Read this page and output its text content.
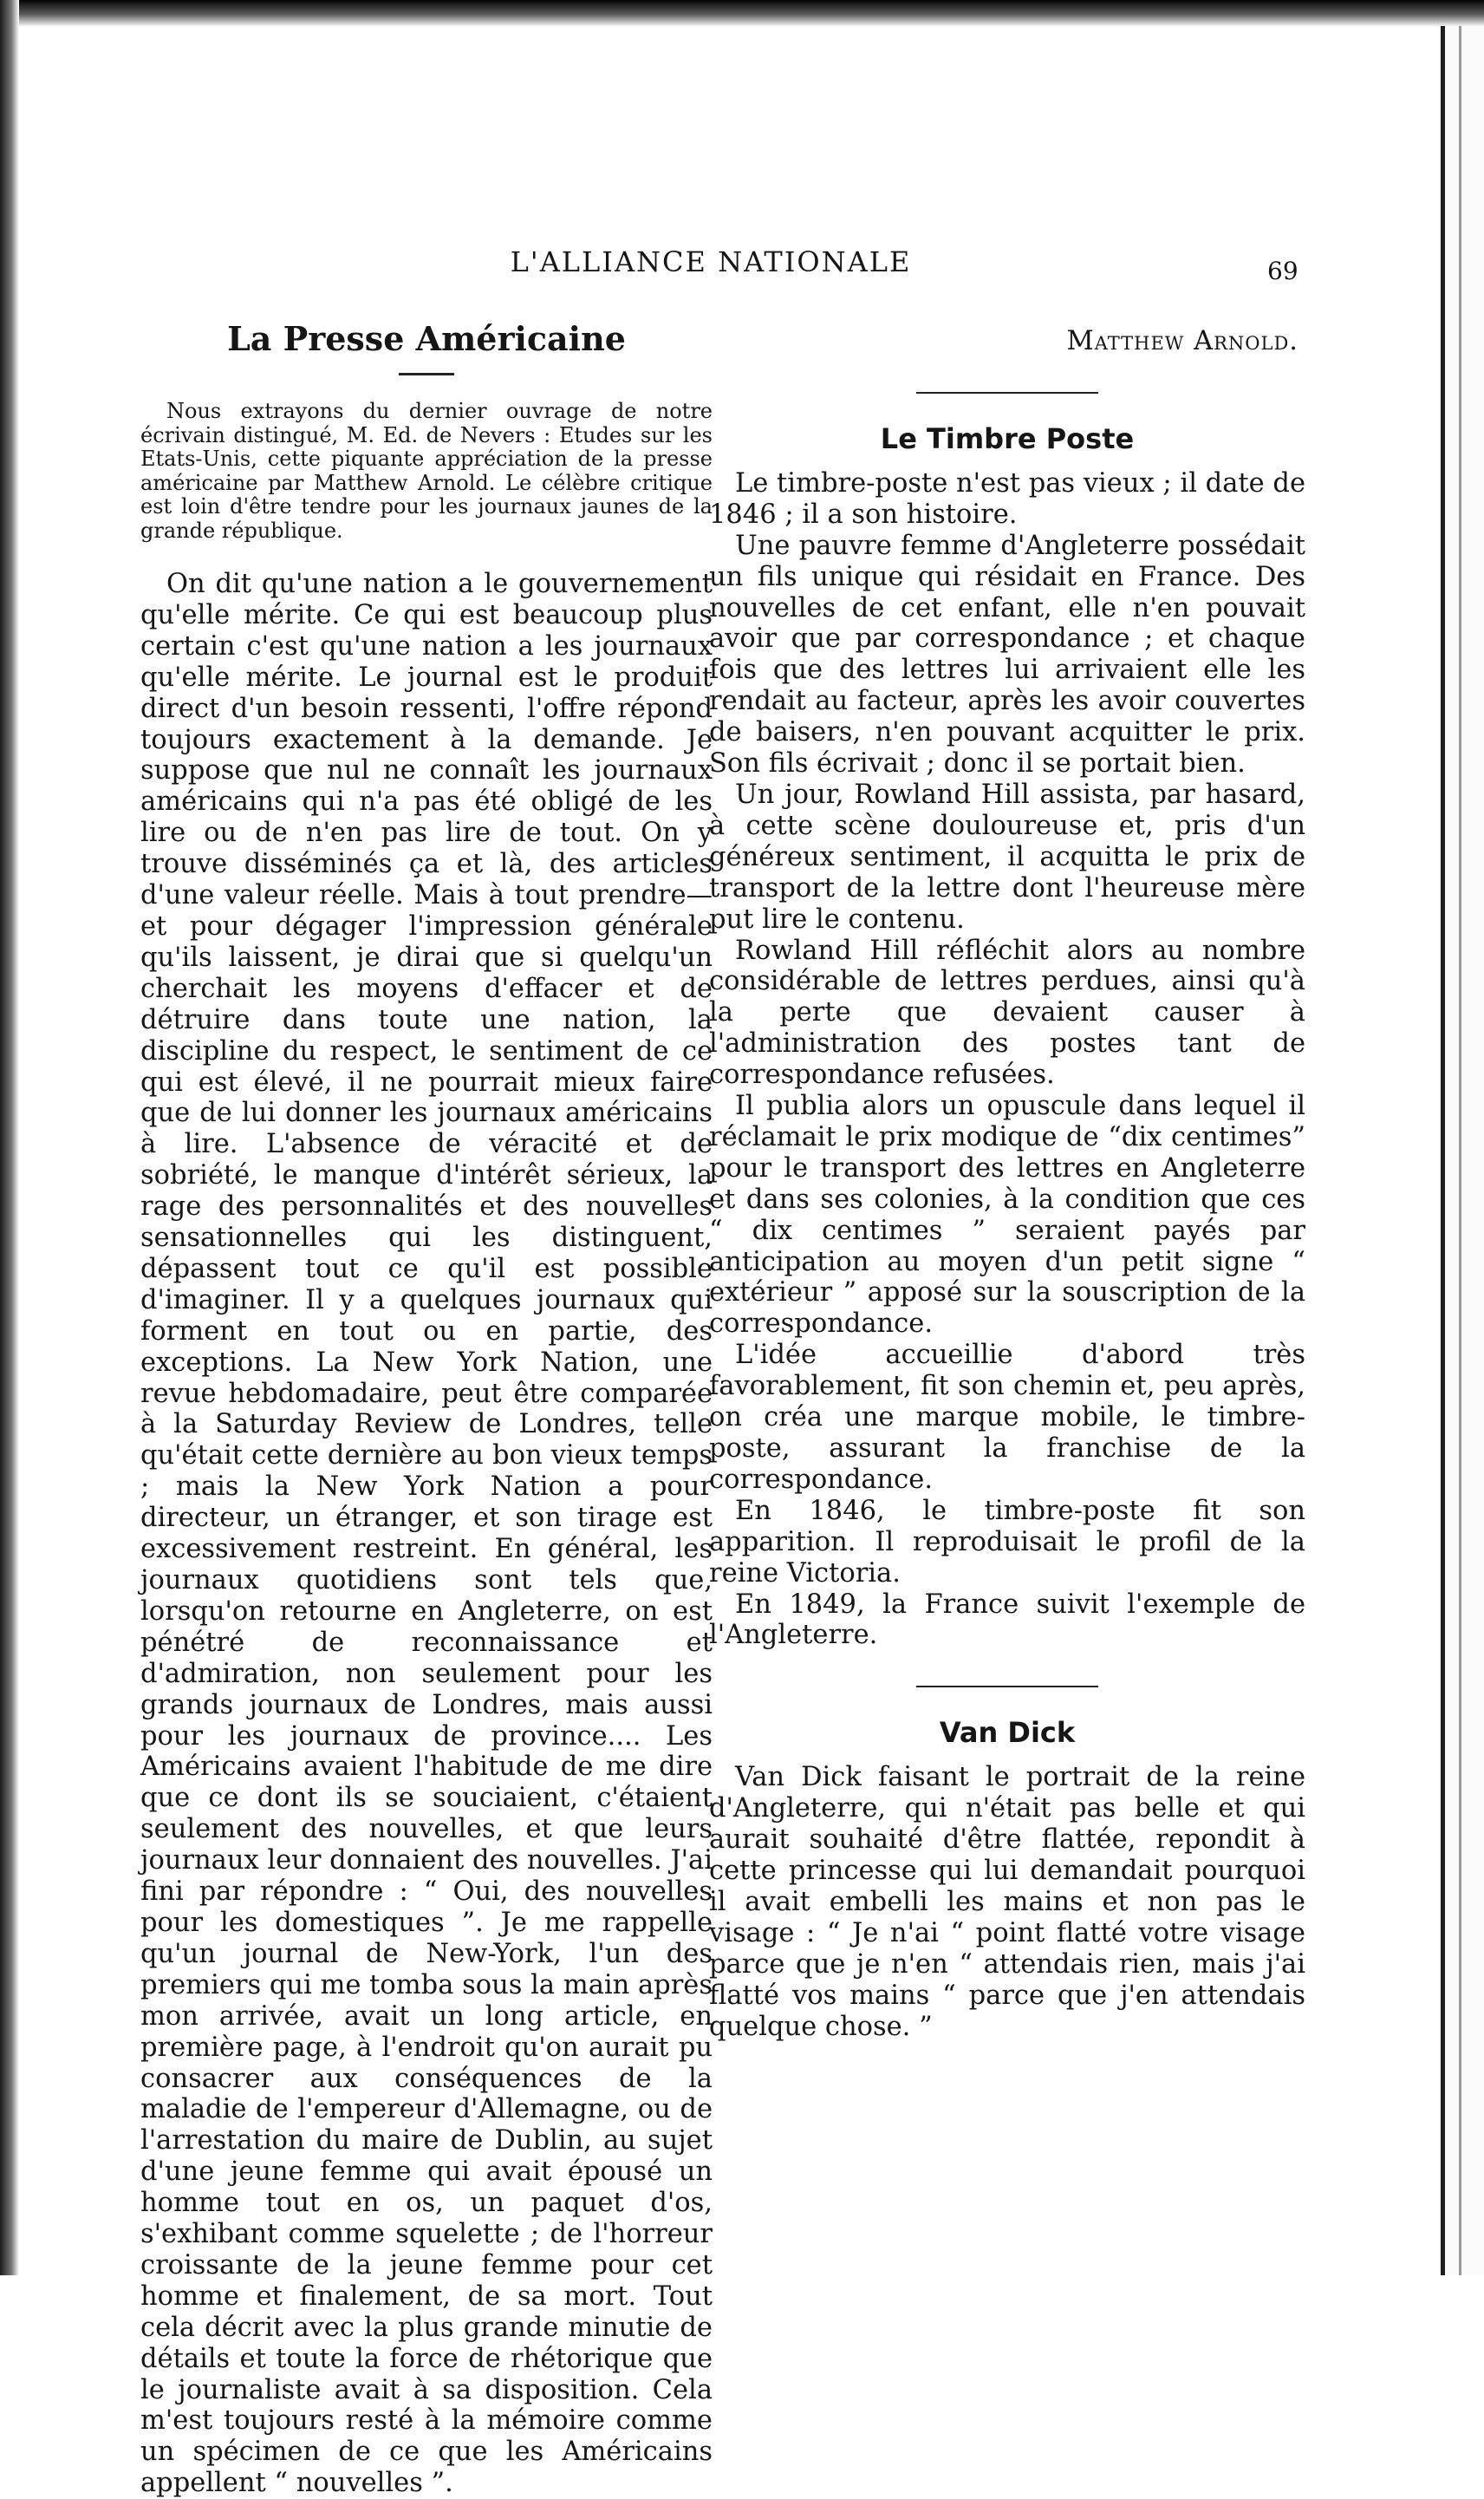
L'ALLIANCE NATIONALE	69
La Presse Américaine
Nous extrayons du dernier ouvrage de notre écrivain distingué, M. Ed. de Nevers : Etudes sur les Etats-Unis, cette piquante appréciation de la presse américaine par Matthew Arnold. Le célèbre critique est loin d'être tendre pour les journaux jaunes de la grande république.

On dit qu'une nation a le gouvernement qu'elle mérite. Ce qui est beaucoup plus certain c'est qu'une nation a les journaux qu'elle mérite. Le journal est le produit direct d'un besoin ressenti, l'offre répond toujours exactement à la demande. Je suppose que nul ne connaît les journaux américains qui n'a pas été obligé de les lire ou de n'en pas lire de tout. On y trouve disséminés ça et là, des articles d'une valeur réelle. Mais à tout prendre—et pour dégager l'impression générale qu'ils laissent, je dirai que si quelqu'un cherchait les moyens d'effacer et de détruire dans toute une nation, la discipline du respect, le sentiment de ce qui est élevé, il ne pourrait mieux faire que de lui donner les journaux américains à lire. L'absence de véracité et de sobriété, le manque d'intérêt sérieux, la rage des personnalités et des nouvelles sensationnelles qui les distinguent, dépassent tout ce qu'il est possible d'imaginer. Il y a quelques journaux qui forment en tout ou en partie, des exceptions. La New York Nation, une revue hebdomadaire, peut être comparée à la Saturday Review de Londres, telle qu'était cette dernière au bon vieux temps ; mais la New York Nation a pour directeur, un étranger, et son tirage est excessivement restreint. En général, les journaux quotidiens sont tels que, lorsqu'on retourne en Angleterre, on est pénétré de reconnaissance et d'admiration, non seulement pour les grands journaux de Londres, mais aussi pour les journaux de province.... Les Américains avaient l'habitude de me dire que ce dont ils se souciaient, c'étaient seulement des nouvelles, et que leurs journaux leur donnaient des nouvelles. J'ai fini par répondre : “ Oui, des nouvelles pour les domestiques ”. Je me rappelle qu'un journal de New-York, l'un des premiers qui me tomba sous la main après mon arrivée, avait un long article, en première page, à l'endroit qu'on aurait pu consacrer aux conséquences de la maladie de l'empereur d'Allemagne, ou de l'arrestation du maire de Dublin, au sujet d'une jeune femme qui avait épousé un homme tout en os, un paquet d'os, s'exhibant comme squelette ; de l'horreur croissante de la jeune femme pour cet homme et finalement, de sa mort. Tout cela décrit avec la plus grande minutie de détails et toute la force de rhétorique que le journaliste avait à sa disposition. Cela m'est toujours resté à la mémoire comme un spécimen de ce que les Américains appellent “ nouvelles ”.

Matthew Arnold.
Le Timbre Poste

Le timbre-poste n'est pas vieux ; il date de 1846 ; il a son histoire.

Une pauvre femme d'Angleterre possédait un fils unique qui résidait en France. Des nouvelles de cet enfant, elle n'en pouvait avoir que par correspondance ; et chaque fois que des lettres lui arrivaient elle les rendait au facteur, après les avoir couvertes de baisers, n'en pouvant acquitter le prix. Son fils écrivait ; donc il se portait bien.

Un jour, Rowland Hill assista, par hasard, à cette scène douloureuse et, pris d'un généreux sentiment, il acquitta le prix de transport de la lettre dont l'heureuse mère put lire le contenu.

Rowland Hill réfléchit alors au nombre considérable de lettres perdues, ainsi qu'à la perte que devaient causer à l'administration des postes tant de correspondance refusées.

Il publia alors un opuscule dans lequel il réclamait le prix modique de “dix centimes” pour le transport des lettres en Angleterre et dans ses colonies, à la condition que ces “ dix centimes ” seraient payés par anticipation au moyen d'un petit signe “ extérieur ” apposé sur la souscription de la correspondance.

L'idée accueillie d'abord très favorablement, fit son chemin et, peu après, on créa une marque mobile, le timbre-poste, assurant la franchise de la correspondance.

En 1846, le timbre-poste fit son apparition. Il reproduisait le profil de la reine Victoria.

En 1849, la France suivit l'exemple de l'Angleterre.

Van Dick

Van Dick faisant le portrait de la reine d'Angleterre, qui n'était pas belle et qui aurait souhaité d'être flattée, repondit à cette princesse qui lui demandait pourquoi il avait embelli les mains et non pas le visage : “ Je n'ai “ point flatté votre visage parce que je n'en “ attendais rien, mais j'ai flatté vos mains “ parce que j'en attendais quelque chose. ”
